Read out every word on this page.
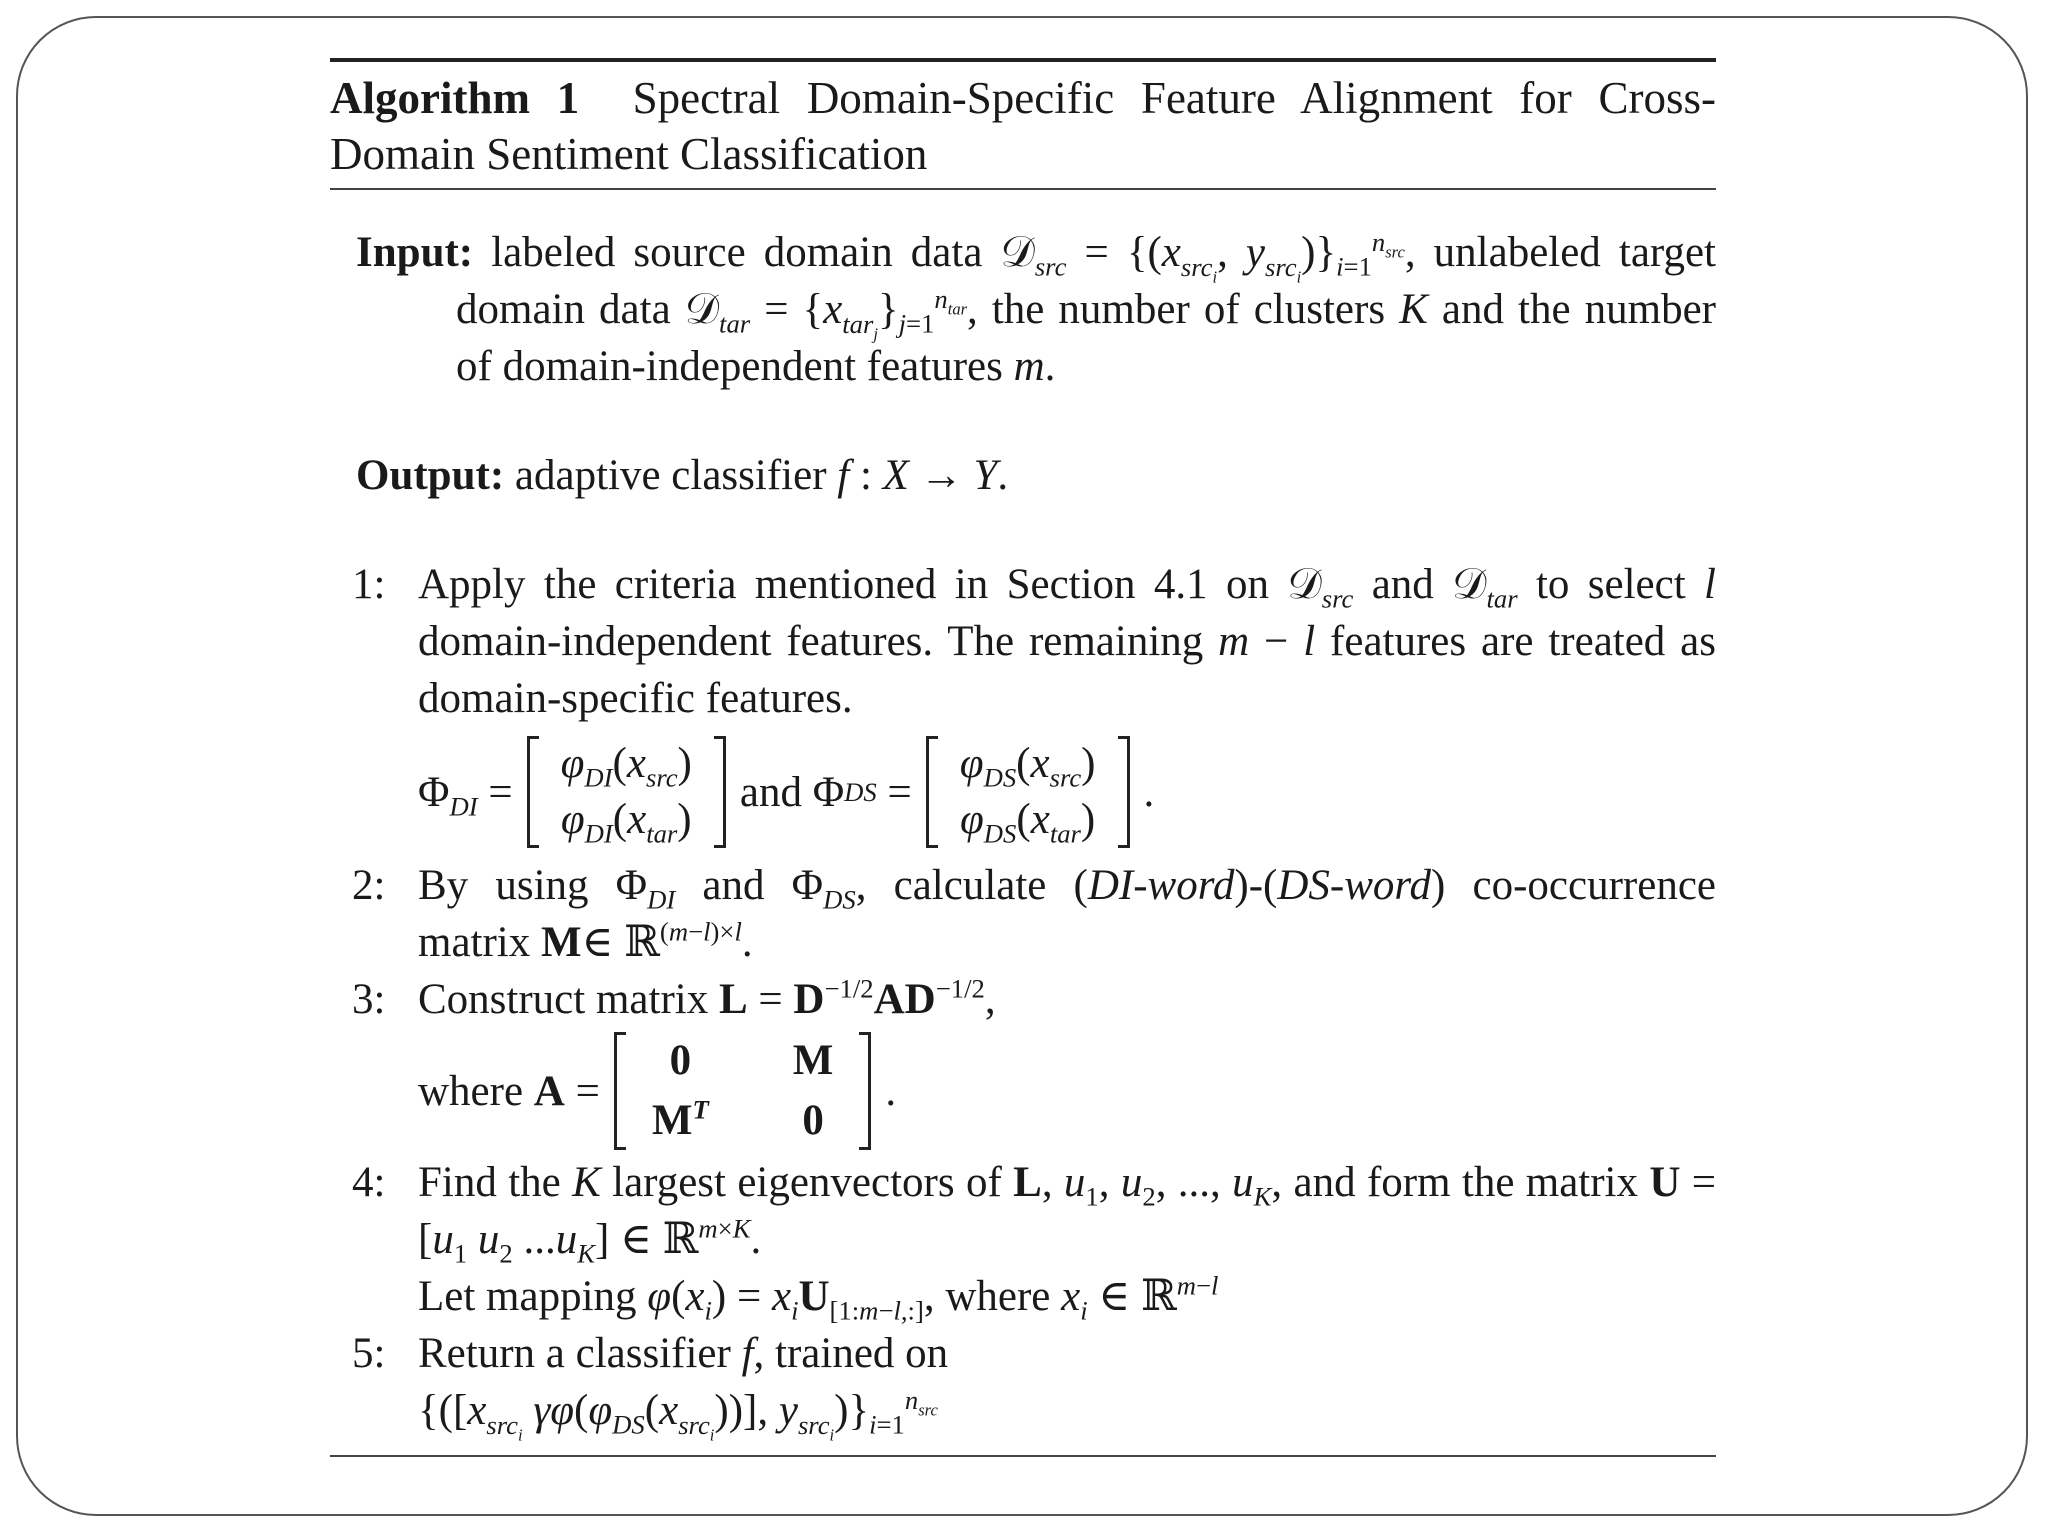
Algorithm 1 Spectral Domain-Specific Feature Alignment for Cross-Domain Sentiment Classification
Input: labeled source domain data 𝒟$_{src}$ = {($x_{src_i}$, $y_{src_i})\}_{i=1}^{n_{src}}$, unlabeled target domain data 𝒟$_{tar}$ = $\{x_{tar_j}\}_{j=1}^{n_{tar}}$, the number of clusters K and the number of domain-independent features m.
Output: adaptive classifier f : X → Y.
1: Apply the criteria mentioned in Section 4.1 on 𝒟$_{src}$ and 𝒟$_{tar}$ to select l domain-independent features. The remaining m − l features are treated as domain-specific features.
$\Phi_{DI}$ =
$\varphi_{DI}(x_{src})$
$\varphi_{DI}(x_{tar})$
and Φ DS =
$\varphi_{DS}(x_{src})$
$\varphi_{DS}(x_{tar})$
.
2: By using $\Phi_{DI}$ and $\Phi_{DS}$, calculate (DI-word)-(DS-word) co-occurrence matrix M∈ ℝ$^{(m-l)\times l}$.
3: Construct matrix $L = D^{-1/2}AD^{-1/2}$,
where
A =
0 M
$M^T$ 0
.
4: Find the K largest eigenvectors of L, $u_1$, $u_2$, ..., $u_K$, and form the matrix $U = [u_1$ $u_2$ $...u_K$] ∈ ℝ$^{m\times K}$.
Let mapping $\varphi(x_i) = x_iU_{[1:m-l,:]}$, where $x_i$ ∈ ℝ$^{m-l}$
5: Return a classifier f, trained on
{([$x_{src_i}$ $\gamma\varphi(\varphi_{DS}(x_{src_i}))$], $y_{src_i})\}_{i=1}^{n_{src}}$
